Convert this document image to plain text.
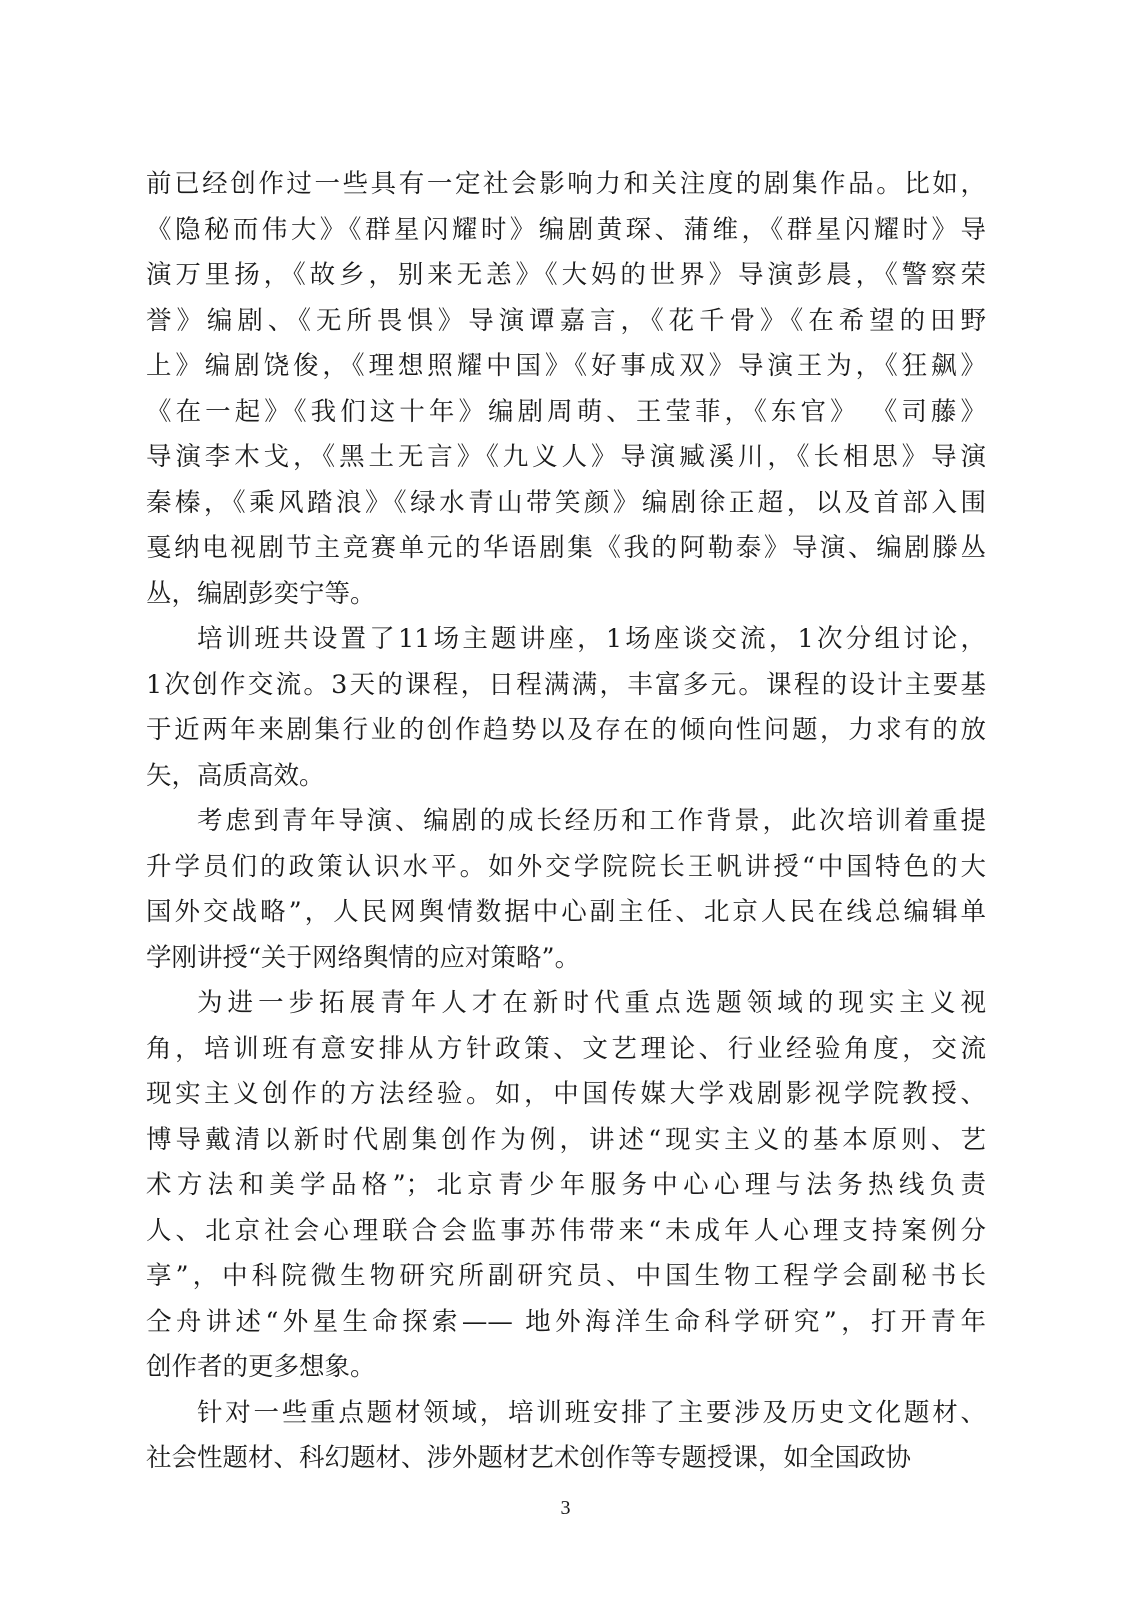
前已经创作过一些具有一定社会影响力和关注度的剧集作品。比如，
《隐秘而伟大》《群星闪耀时》编剧黄琛、蒲维，《群星闪耀时》导
演万里扬，《故乡，别来无恙》《大妈的世界》导演彭晨，《警察荣
誉》编剧、《无所畏惧》导演谭嘉言，《花千骨》《在希望的田野
上》编剧饶俊，《理想照耀中国》《好事成双》导演王为，《狂飙》
《在一起》《我们这十年》编剧周萌、王莹菲，《东官》 《司藤》
导演李木戈，《黑土无言》《九义人》导演臧溪川，《长相思》导演
秦榛，《乘风踏浪》《绿水青山带笑颜》编剧徐正超，以及首部入围
戛纳电视剧节主竞赛单元的华语剧集《我的阿勒泰》导演、编剧滕丛
丛，编剧彭奕宁等。
培训班共设置了11场主题讲座，1场座谈交流，1次分组讨论，
1次创作交流。3天的课程，日程满满，丰富多元。课程的设计主要基
于近两年来剧集行业的创作趋势以及存在的倾向性问题，力求有的放
矢，高质高效。
考虑到青年导演、编剧的成长经历和工作背景，此次培训着重提
升学员们的政策认识水平。如外交学院院长王帆讲授“中国特色的大
国外交战略”，人民网舆情数据中心副主任、北京人民在线总编辑单
学刚讲授“关于网络舆情的应对策略”。
为进一步拓展青年人才在新时代重点选题领域的现实主义视
角，培训班有意安排从方针政策、文艺理论、行业经验角度，交流
现实主义创作的方法经验。如，中国传媒大学戏剧影视学院教授、
博导戴清以新时代剧集创作为例，讲述“现实主义的基本原则、艺
术方法和美学品格”；北京青少年服务中心心理与法务热线负责
人、北京社会心理联合会监事苏伟带来“未成年人心理支持案例分
享”，中科院微生物研究所副研究员、中国生物工程学会副秘书长
仝舟讲述“外星生命探索—— 地外海洋生命科学研究”，打开青年
创作者的更多想象。
针对一些重点题材领域，培训班安排了主要涉及历史文化题材、
社会性题材、科幻题材、涉外题材艺术创作等专题授课，如全国政协
3
